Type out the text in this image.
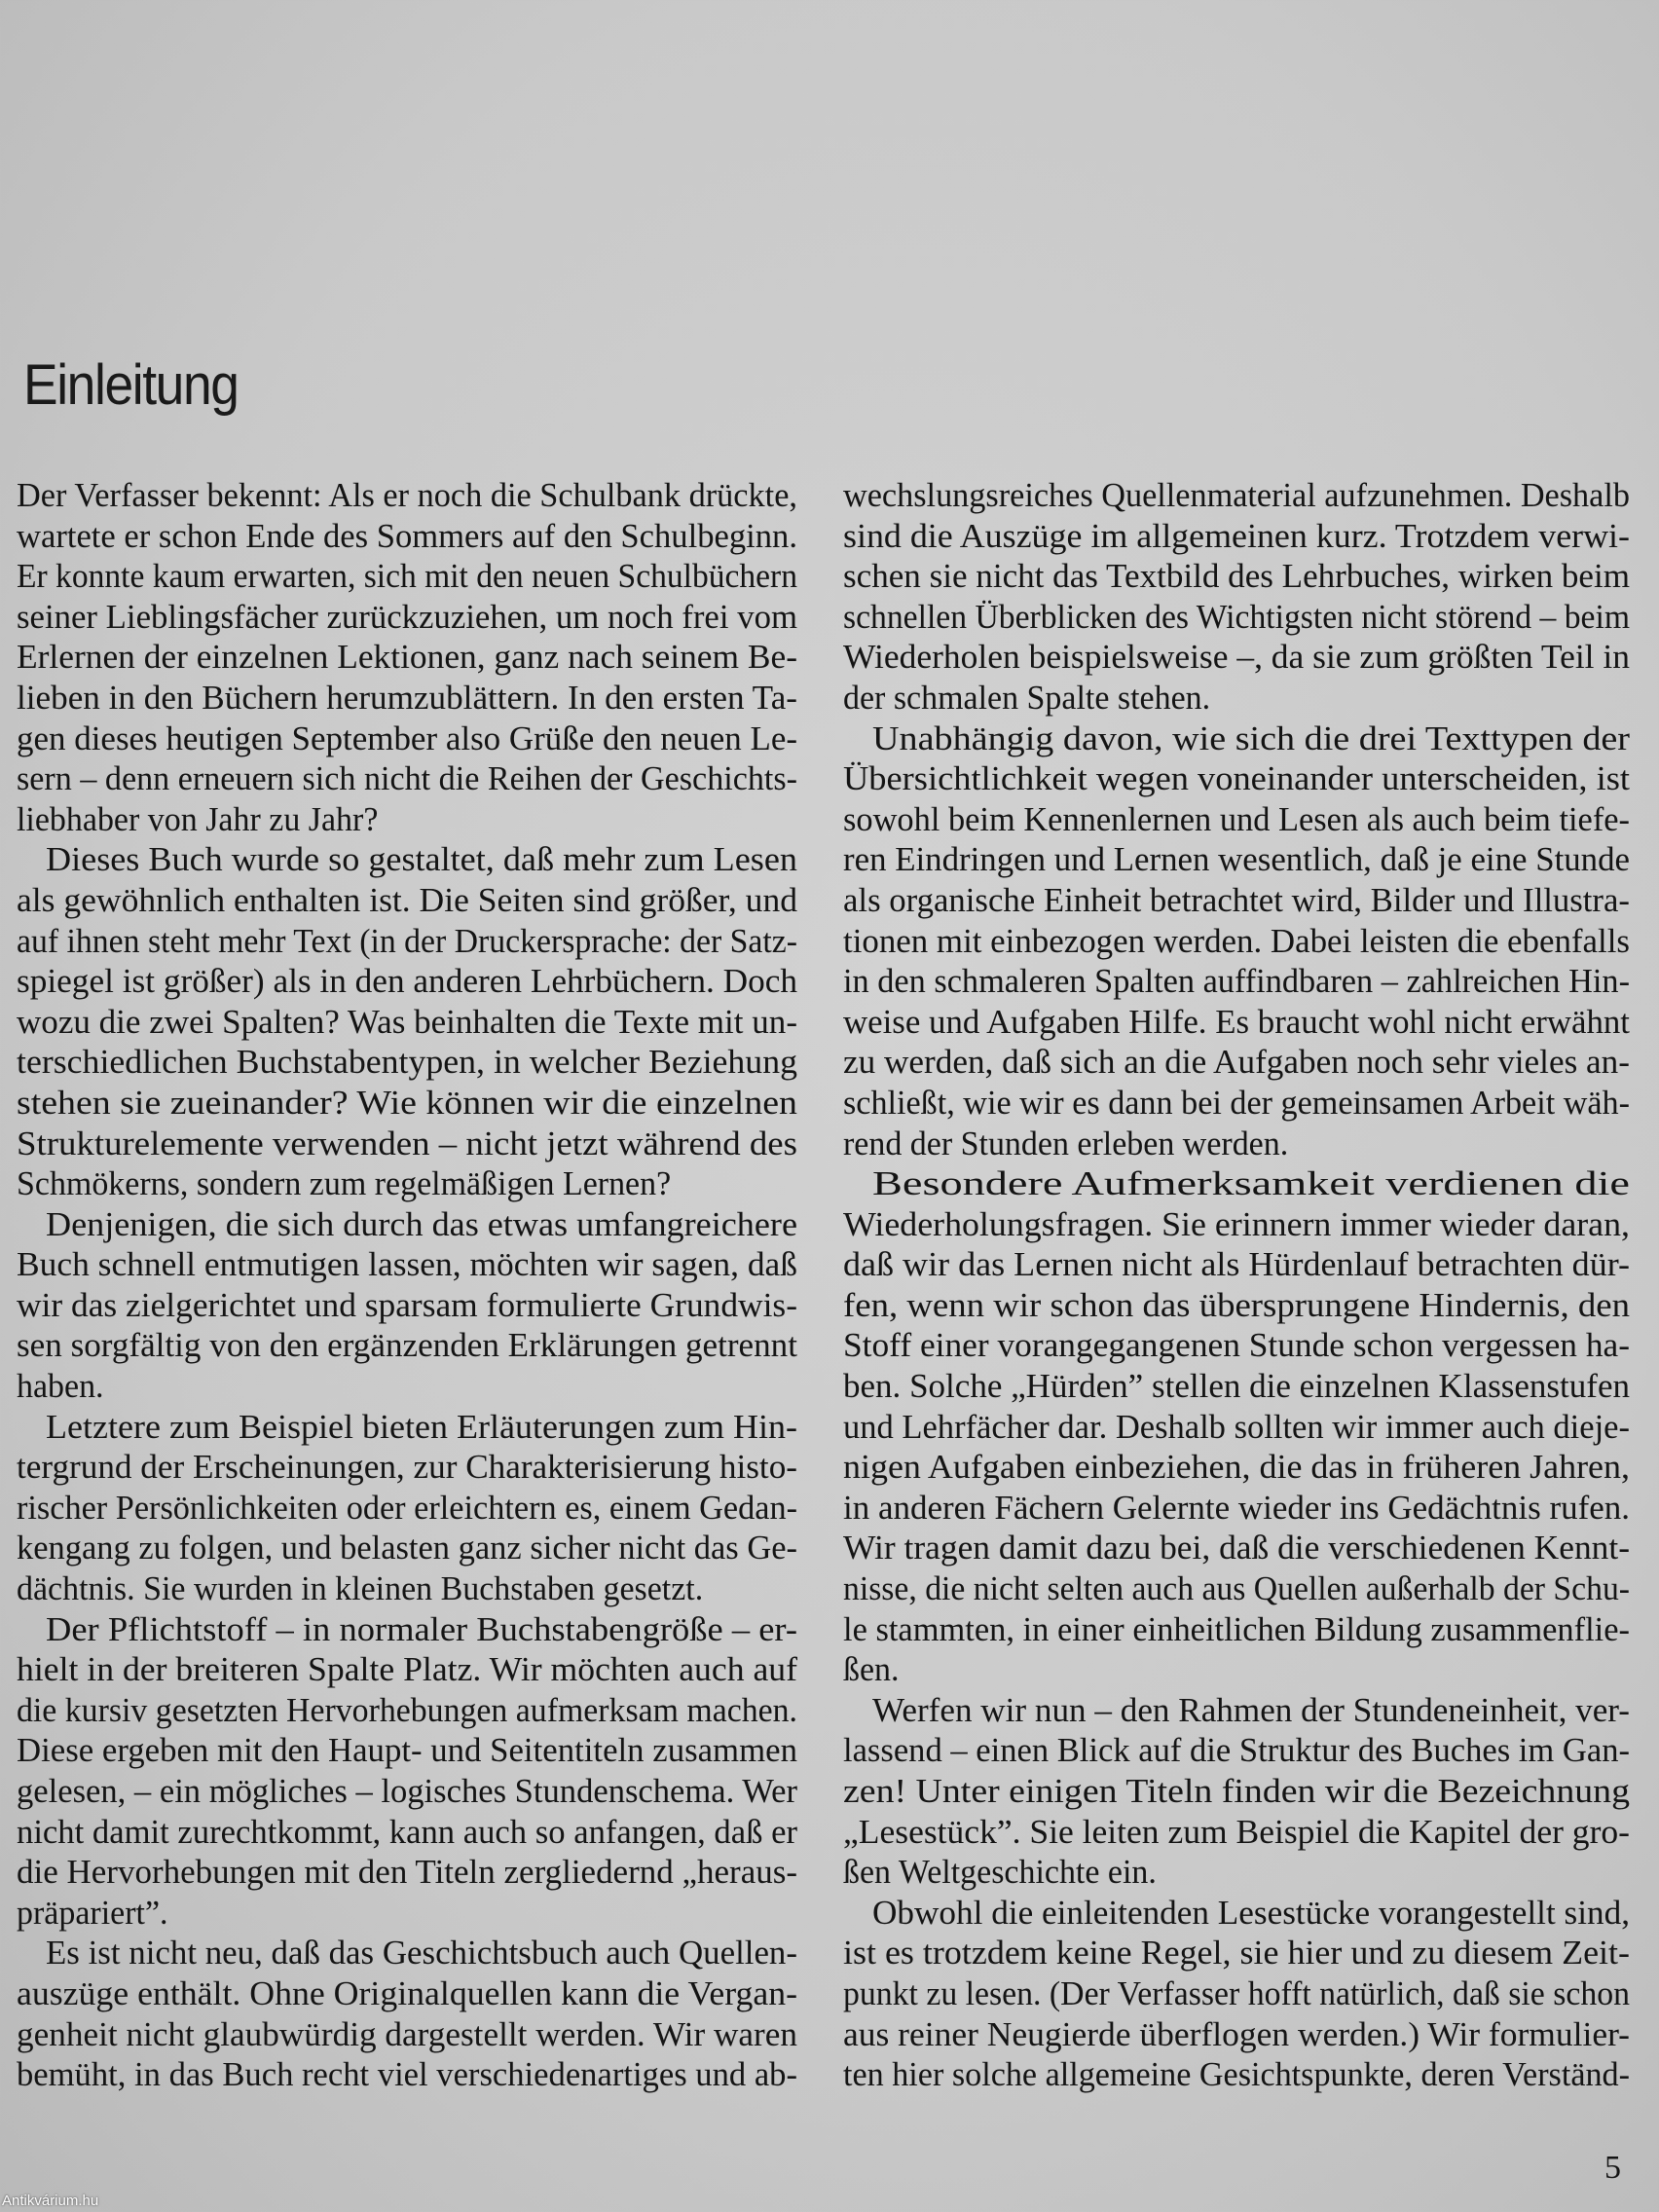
Einleitung
Der Verfasser bekennt: Als er noch die Schulbank drückte,
wartete er schon Ende des Sommers auf den Schulbeginn.
Er konnte kaum erwarten, sich mit den neuen Schulbüchern
seiner Lieblingsfächer zurückzuziehen, um noch frei vom
Erlernen der einzelnen Lektionen, ganz nach seinem Be-
lieben in den Büchern herumzublättern. In den ersten Ta-
gen dieses heutigen September also Grüße den neuen Le-
sern – denn erneuern sich nicht die Reihen der Geschichts-
liebhaber von Jahr zu Jahr?
Dieses Buch wurde so gestaltet, daß mehr zum Lesen
als gewöhnlich enthalten ist. Die Seiten sind größer, und
auf ihnen steht mehr Text (in der Druckersprache: der Satz-
spiegel ist größer) als in den anderen Lehrbüchern. Doch
wozu die zwei Spalten? Was beinhalten die Texte mit un-
terschiedlichen Buchstabentypen, in welcher Beziehung
stehen sie zueinander? Wie können wir die einzelnen
Strukturelemente verwenden – nicht jetzt während des
Schmökerns, sondern zum regelmäßigen Lernen?
Denjenigen, die sich durch das etwas umfangreichere
Buch schnell entmutigen lassen, möchten wir sagen, daß
wir das zielgerichtet und sparsam formulierte Grundwis-
sen sorgfältig von den ergänzenden Erklärungen getrennt
haben.
Letztere zum Beispiel bieten Erläuterungen zum Hin-
tergrund der Erscheinungen, zur Charakterisierung histo-
rischer Persönlichkeiten oder erleichtern es, einem Gedan-
kengang zu folgen, und belasten ganz sicher nicht das Ge-
dächtnis. Sie wurden in kleinen Buchstaben gesetzt.
Der Pflichtstoff – in normaler Buchstabengröße – er-
hielt in der breiteren Spalte Platz. Wir möchten auch auf
die kursiv gesetzten Hervorhebungen aufmerksam machen.
Diese ergeben mit den Haupt- und Seitentiteln zusammen
gelesen, – ein mögliches – logisches Stundenschema. Wer
nicht damit zurechtkommt, kann auch so anfangen, daß er
die Hervorhebungen mit den Titeln zergliedernd „heraus-
präpariert”.
Es ist nicht neu, daß das Geschichtsbuch auch Quellen-
auszüge enthält. Ohne Originalquellen kann die Vergan-
genheit nicht glaubwürdig dargestellt werden. Wir waren
bemüht, in das Buch recht viel verschiedenartiges und ab-
wechslungsreiches Quellenmaterial aufzunehmen. Deshalb
sind die Auszüge im allgemeinen kurz. Trotzdem verwi-
schen sie nicht das Textbild des Lehrbuches, wirken beim
schnellen Überblicken des Wichtigsten nicht störend – beim
Wiederholen beispielsweise –, da sie zum größten Teil in
der schmalen Spalte stehen.
Unabhängig davon, wie sich die drei Texttypen der
Übersichtlichkeit wegen voneinander unterscheiden, ist
sowohl beim Kennenlernen und Lesen als auch beim tiefe-
ren Eindringen und Lernen wesentlich, daß je eine Stunde
als organische Einheit betrachtet wird, Bilder und Illustra-
tionen mit einbezogen werden. Dabei leisten die ebenfalls
in den schmaleren Spalten auffindbaren – zahlreichen Hin-
weise und Aufgaben Hilfe. Es braucht wohl nicht erwähnt
zu werden, daß sich an die Aufgaben noch sehr vieles an-
schließt, wie wir es dann bei der gemeinsamen Arbeit wäh-
rend der Stunden erleben werden.
Besondere Aufmerksamkeit verdienen die
Wiederholungsfragen. Sie erinnern immer wieder daran,
daß wir das Lernen nicht als Hürdenlauf betrachten dür-
fen, wenn wir schon das übersprungene Hindernis, den
Stoff einer vorangegangenen Stunde schon vergessen ha-
ben. Solche „Hürden” stellen die einzelnen Klassenstufen
und Lehrfächer dar. Deshalb sollten wir immer auch dieje-
nigen Aufgaben einbeziehen, die das in früheren Jahren,
in anderen Fächern Gelernte wieder ins Gedächtnis rufen.
Wir tragen damit dazu bei, daß die verschiedenen Kennt-
nisse, die nicht selten auch aus Quellen außerhalb der Schu-
le stammten, in einer einheitlichen Bildung zusammenflie-
ßen.
Werfen wir nun – den Rahmen der Stundeneinheit, ver-
lassend – einen Blick auf die Struktur des Buches im Gan-
zen! Unter einigen Titeln finden wir die Bezeichnung
„Lesestück”. Sie leiten zum Beispiel die Kapitel der gro-
ßen Weltgeschichte ein.
Obwohl die einleitenden Lesestücke vorangestellt sind,
ist es trotzdem keine Regel, sie hier und zu diesem Zeit-
punkt zu lesen. (Der Verfasser hofft natürlich, daß sie schon
aus reiner Neugierde überflogen werden.) Wir formulier-
ten hier solche allgemeine Gesichtspunkte, deren Verständ-
5
Antikvárium.hu
